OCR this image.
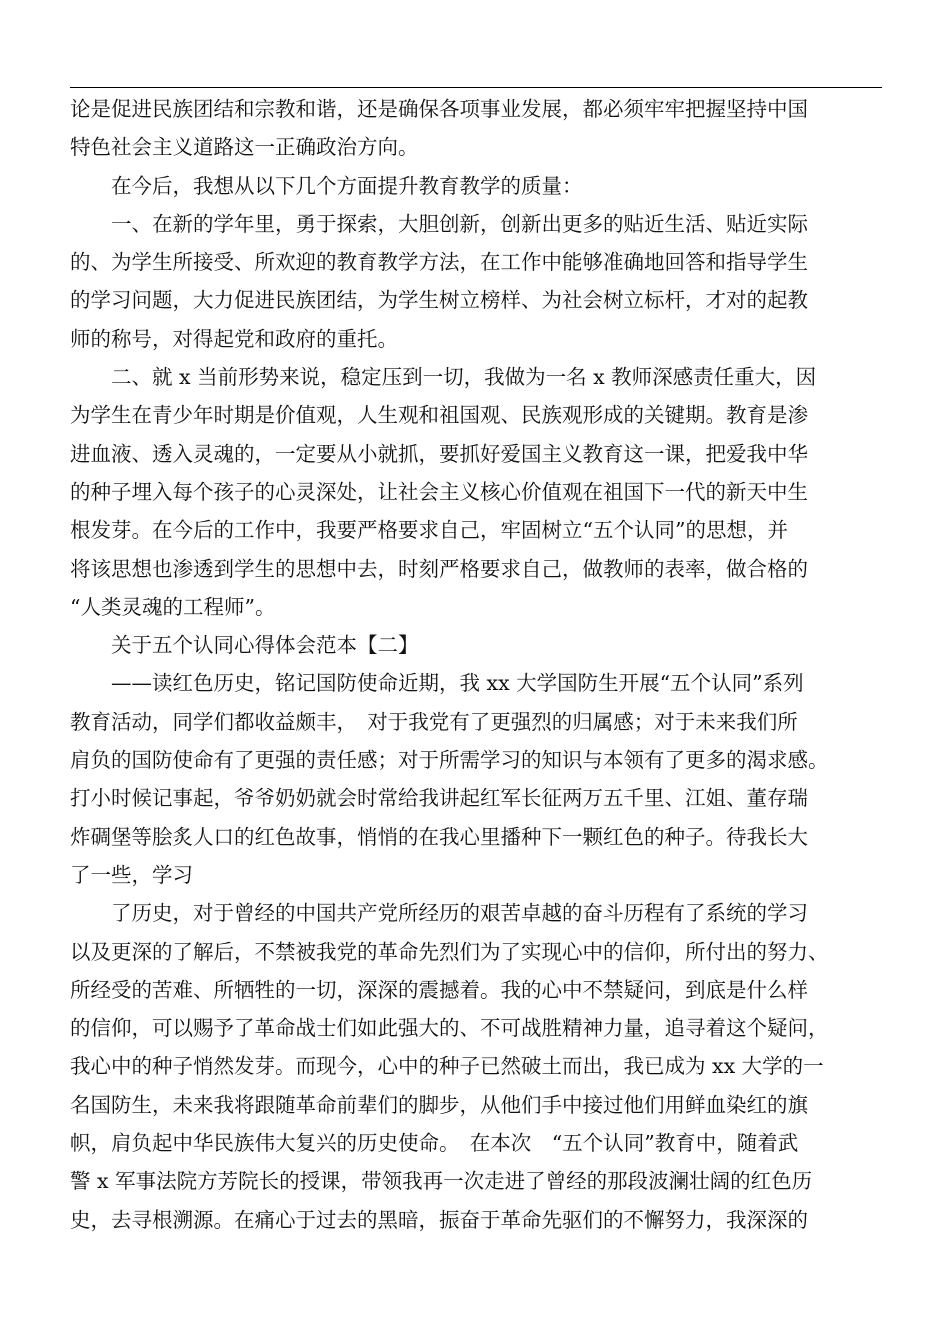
论是促进民族团结和宗教和谐，还是确保各项事业发展，都必须牢牢把握坚持中国
特色社会主义道路这一正确政治方向。
在今后，我想从以下几个方面提升教育教学的质量：
一、在新的学年里，勇于探索，大胆创新，创新出更多的贴近生活、贴近实际
的、为学生所接受、所欢迎的教育教学方法，在工作中能够准确地回答和指导学生
的学习问题，大力促进民族团结，为学生树立榜样、为社会树立标杆，才对的起教
师的称号，对得起党和政府的重托。
二、就 x 当前形势来说，稳定压到一切，我做为一名 x 教师深感责任重大，因
为学生在青少年时期是价值观，人生观和祖国观、民族观形成的关键期。教育是渗
进血液、透入灵魂的，一定要从小就抓，要抓好爱国主义教育这一课，把爱我中华
的种子埋入每个孩子的心灵深处，让社会主义核心价值观在祖国下一代的新天中生
根发芽。在今后的工作中，我要严格要求自己，牢固树立“五个认同”的思想，并
将该思想也渗透到学生的思想中去，时刻严格要求自己，做教师的表率，做合格的
“人类灵魂的工程师”。
关于五个认同心得体会范本【二】
——读红色历史，铭记国防使命近期，我 xx 大学国防生开展“五个认同”系列
教育活动，同学们都收益颇丰，　对于我党有了更强烈的归属感；对于未来我们所
肩负的国防使命有了更强的责任感；对于所需学习的知识与本领有了更多的渴求感。
打小时候记事起，爷爷奶奶就会时常给我讲起红军长征两万五千里、江姐、董存瑞
炸碉堡等脍炙人口的红色故事，悄悄的在我心里播种下一颗红色的种子。待我长大
了一些，学习
了历史，对于曾经的中国共产党所经历的艰苦卓越的奋斗历程有了系统的学习
以及更深的了解后，不禁被我党的革命先烈们为了实现心中的信仰，所付出的努力、
所经受的苦难、所牺牲的一切，深深的震撼着。我的心中不禁疑问，到底是什么样
的信仰，可以赐予了革命战士们如此强大的、不可战胜精神力量，追寻着这个疑问，
我心中的种子悄然发芽。而现今，心中的种子已然破土而出，我已成为 xx 大学的一
名国防生，未来我将跟随革命前辈们的脚步，从他们手中接过他们用鲜血染红的旗
帜，肩负起中华民族伟大复兴的历史使命。　在本次　“五个认同”教育中，随着武
警 x 军事法院方芳院长的授课，带领我再一次走进了曾经的那段波澜壮阔的红色历
史，去寻根溯源。在痛心于过去的黑暗，振奋于革命先驱们的不懈努力，我深深的
